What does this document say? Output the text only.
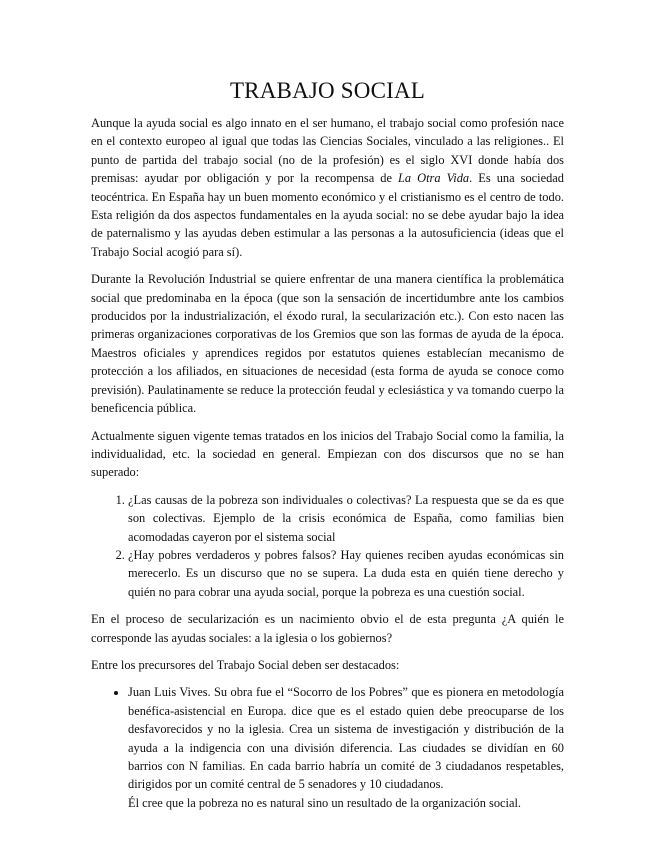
TRABAJO SOCIAL

Aunque la ayuda social es algo innato en el ser humano, el trabajo social como profesión nace en el contexto europeo al igual que todas las Ciencias Sociales, vinculado a las religiones.. El punto de partida del trabajo social (no de la profesión) es el siglo XVI donde había dos premisas: ayudar por obligación y por la recompensa de La Otra Vida. Es una sociedad teocéntrica. En España hay un buen momento económico y el cristianismo es el centro de todo. Esta religión da dos aspectos fundamentales en la ayuda social: no se debe ayudar bajo la idea de paternalismo y las ayudas deben estimular a las personas a la autosuficiencia (ideas que el Trabajo Social acogió para sí).

Durante la Revolución Industrial se quiere enfrentar de una manera científica la problemática social que predominaba en la época (que son la sensación de incertidumbre ante los cambios producidos por la industrialización, el éxodo rural, la secularización etc.). Con esto nacen las primeras organizaciones corporativas de los Gremios que son las formas de ayuda de la época. Maestros oficiales y aprendices regidos por estatutos quienes establecían mecanismo de protección a los afiliados, en situaciones de necesidad (esta forma de ayuda se conoce como previsión). Paulatinamente se reduce la protección feudal y eclesiástica y va tomando cuerpo la beneficencia pública.

Actualmente siguen vigente temas tratados en los inicios del Trabajo Social como la familia, la individualidad, etc. la sociedad en general. Empiezan con dos discursos que no se han superado:

1. ¿Las causas de la pobreza son individuales o colectivas? La respuesta que se da es que son colectivas. Ejemplo de la crisis económica de España, como familias bien acomodadas cayeron por el sistema social
2. ¿Hay pobres verdaderos y pobres falsos? Hay quienes reciben ayudas económicas sin merecerlo. Es un discurso que no se supera. La duda esta en quién tiene derecho y quién no para cobrar una ayuda social, porque la pobreza es una cuestión social.

En el proceso de secularización es un nacimiento obvio el de esta pregunta ¿A quién le corresponde las ayudas sociales: a la iglesia o los gobiernos?

Entre los precursores del Trabajo Social deben ser destacados:

• Juan Luis Vives. Su obra fue el “Socorro de los Pobres” que es pionera en metodología benéfica-asistencial en Europa. dice que es el estado quien debe preocuparse de los desfavorecidos y no la iglesia. Crea un sistema de investigación y distribución de la ayuda a la indigencia con una división diferencia. Las ciudades se dividían en 60 barrios con N familias. En cada barrio habría un comité de 3 ciudadanos respetables, dirigidos por un comité central de 5 senadores y 10 ciudadanos.
Él cree que la pobreza no es natural sino un resultado de la organización social.
